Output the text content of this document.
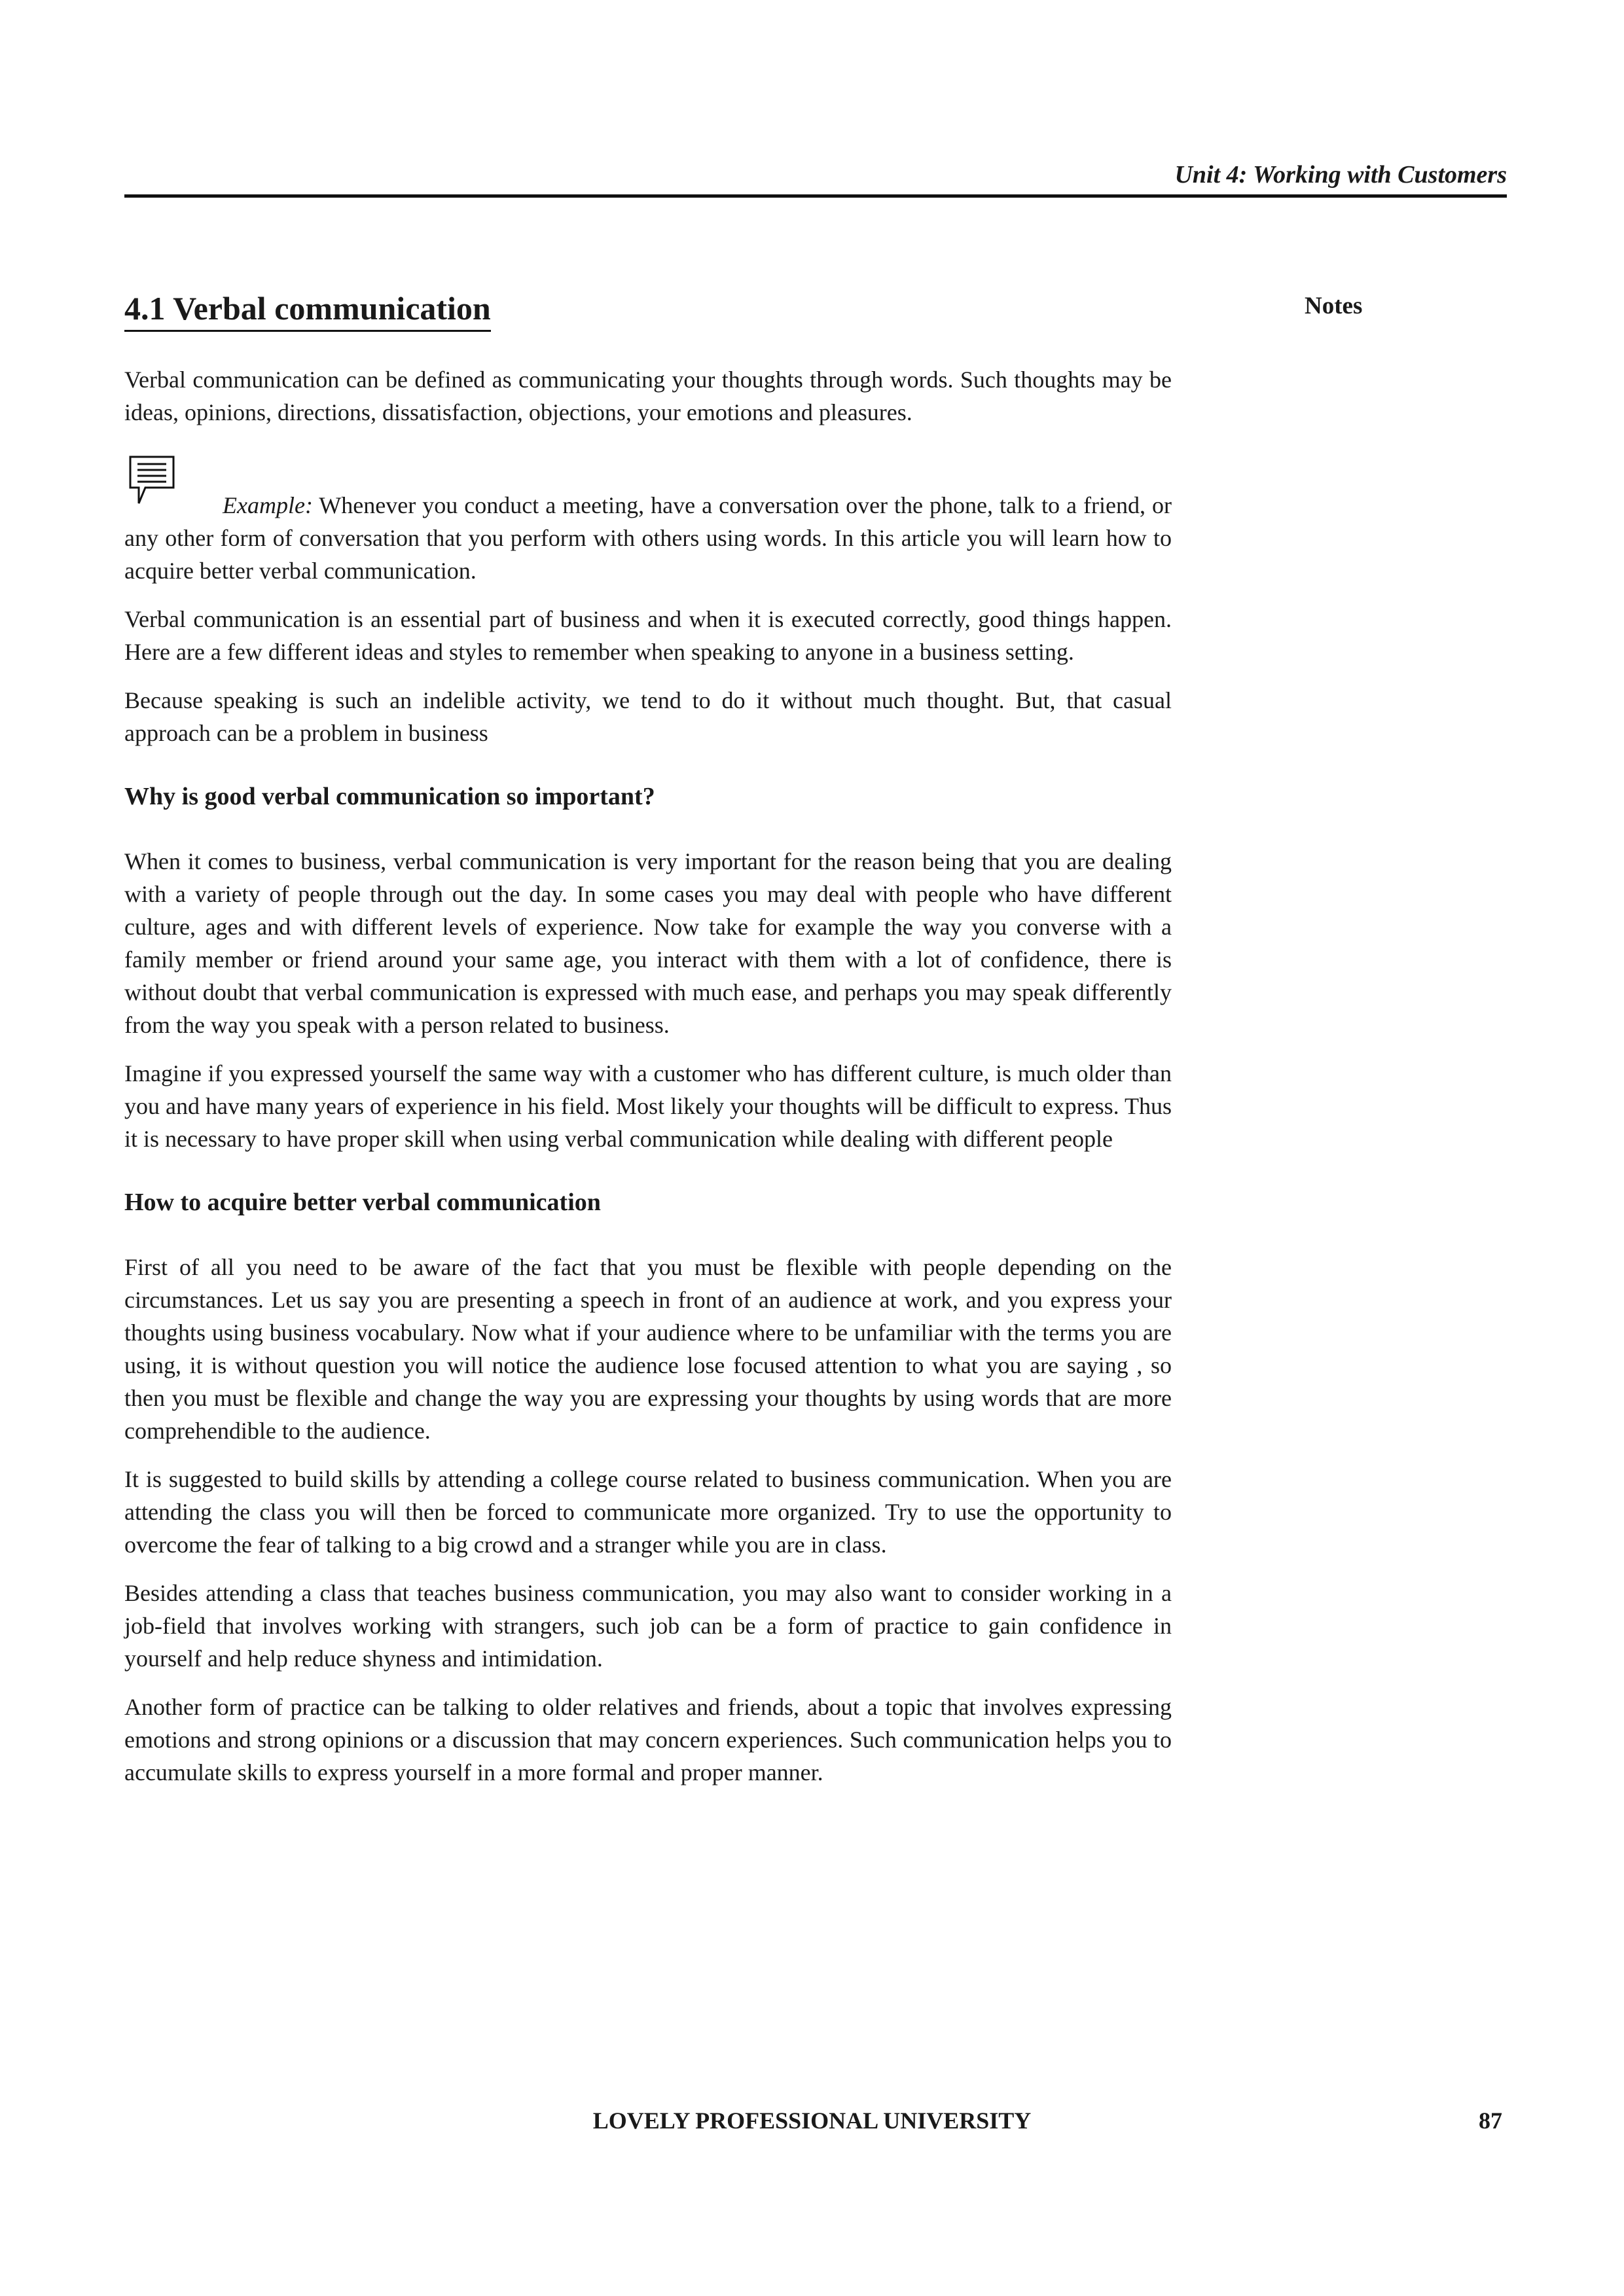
Unit 4: Working with Customers
Notes
4.1 Verbal communication

Verbal communication can be defined as communicating your thoughts through words. Such thoughts may be ideas, opinions, directions, dissatisfaction, objections, your emotions and pleasures.

Example: Whenever you conduct a meeting, have a conversation over the phone, talk to a friend, or any other form of conversation that you perform with others using words. In this article you will learn how to acquire better verbal communication.

Verbal communication is an essential part of business and when it is executed correctly, good things happen. Here are a few different ideas and styles to remember when speaking to anyone in a business setting.

Because speaking is such an indelible activity, we tend to do it without much thought. But, that casual approach can be a problem in business

Why is good verbal communication so important?

When it comes to business, verbal communication is very important for the reason being that you are dealing with a variety of people through out the day. In some cases you may deal with people who have different culture, ages and with different levels of experience. Now take for example the way you converse with a family member or friend around your same age, you interact with them with a lot of confidence, there is without doubt that verbal communication is expressed with much ease, and perhaps you may speak differently from the way you speak with a person related to business.

Imagine if you expressed yourself the same way with a customer who has different culture, is much older than you and have many years of experience in his field. Most likely your thoughts will be difficult to express. Thus it is necessary to have proper skill when using verbal communication while dealing with different people

How to acquire better verbal communication

First of all you need to be aware of the fact that you must be flexible with people depending on the circumstances. Let us say you are presenting a speech in front of an audience at work, and you express your thoughts using business vocabulary. Now what if your audience where to be unfamiliar with the terms you are using, it is without question you will notice the audience lose focused attention to what you are saying , so then you must be flexible and change the way you are expressing your thoughts by using words that are more comprehendible to the audience.

It is suggested to build skills by attending a college course related to business communication. When you are attending the class you will then be forced to communicate more organized. Try to use the opportunity to overcome the fear of talking to a big crowd and a stranger while you are in class.

Besides attending a class that teaches business communication, you may also want to consider working in a job-field that involves working with strangers, such job can be a form of practice to gain confidence in yourself and help reduce shyness and intimidation.

Another form of practice can be talking to older relatives and friends, about a topic that involves expressing emotions and strong opinions or a discussion that may concern experiences. Such communication helps you to accumulate skills to express yourself in a more formal and proper manner.

LOVELY PROFESSIONAL UNIVERSITY	87
